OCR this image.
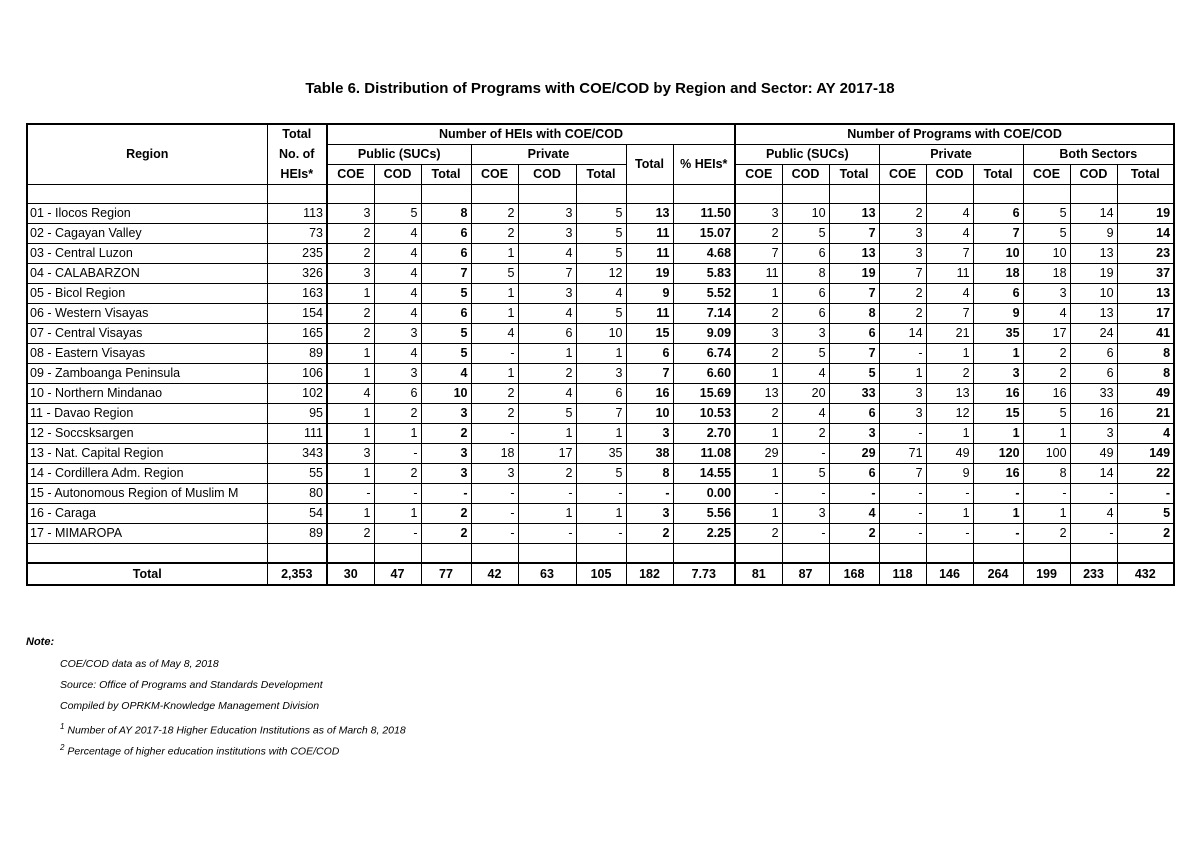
Table 6. Distribution of Programs with COE/COD by Region and Sector: AY 2017-18
Region	Total	Number of HEIs with COE/COD								Number of Programs with COE/COD								
	No. of	Public (SUCs)			Private			Total	% HEIs*	Public (SUCs)			Private			Both Sectors		
	HEIs*	COE	COD	Total	COE	COD	Total			COE	COD	Total	COE	COD	Total	COE	COD	Total

01 - Ilocos Region	113	3	5	8	2	3	5	13	11.50	3	10	13	2	4	6	5	14	19
02 - Cagayan Valley	73	2	4	6	2	3	5	11	15.07	2	5	7	3	4	7	5	9	14
03 - Central Luzon	235	2	4	6	1	4	5	11	4.68	7	6	13	3	7	10	10	13	23
04 - CALABARZON	326	3	4	7	5	7	12	19	5.83	11	8	19	7	11	18	18	19	37
05 - Bicol Region	163	1	4	5	1	3	4	9	5.52	1	6	7	2	4	6	3	10	13
06 - Western Visayas	154	2	4	6	1	4	5	11	7.14	2	6	8	2	7	9	4	13	17
07 - Central Visayas	165	2	3	5	4	6	10	15	9.09	3	3	6	14	21	35	17	24	41
08 - Eastern Visayas	89	1	4	5	-	1	1	6	6.74	2	5	7	-	1	1	2	6	8
09 - Zamboanga Peninsula	106	1	3	4	1	2	3	7	6.60	1	4	5	1	2	3	2	6	8
10 - Northern Mindanao	102	4	6	10	2	4	6	16	15.69	13	20	33	3	13	16	16	33	49
11 - Davao Region	95	1	2	3	2	5	7	10	10.53	2	4	6	3	12	15	5	16	21
12 - Soccsksargen	111	1	1	2	-	1	1	3	2.70	1	2	3	-	1	1	1	3	4
13 - Nat. Capital Region	343	3	-	3	18	17	35	38	11.08	29	-	29	71	49	120	100	49	149
14 - Cordillera Adm. Region	55	1	2	3	3	2	5	8	14.55	1	5	6	7	9	16	8	14	22
15 - Autonomous Region of Muslim M	80	-	-	-	-	-	-	-	0.00	-	-	-	-	-	-	-	-	-
16 - Caraga	54	1	1	2	-	1	1	3	5.56	1	3	4	-	1	1	1	4	5
17 - MIMAROPA	89	2	-	2	-	-	-	2	2.25	2	-	2	-	-	-	2	-	2

Total	2,353	30	47	77	42	63	105	182	7.73	81	87	168	118	146	264	199	233	432
Note:
COE/COD data as of May 8, 2018
Source: Office of Programs and Standards Development
Compiled by OPRKM-Knowledge Management Division
$^1$ Number of AY 2017-18 Higher Education Institutions as of March 8, 2018
$^2$ Percentage of higher education institutions with COE/COD
